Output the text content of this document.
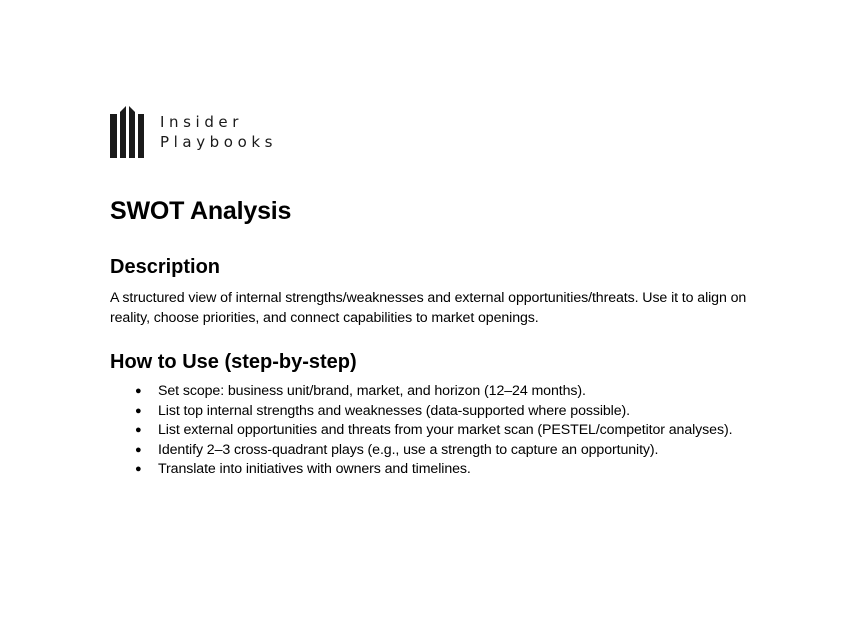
Insider
Playbooks
SWOT Analysis
Description

A structured view of internal strengths/weaknesses and external opportunities/threats. Use it to align on reality, choose priorities, and connect capabilities to market openings.

How to Use (step-by-step)
● Set scope: business unit/brand, market, and horizon (12–24 months).
● List top internal strengths and weaknesses (data-supported where possible).
● List external opportunities and threats from your market scan (PESTEL/competitor analyses).
● Identify 2–3 cross-quadrant plays (e.g., use a strength to capture an opportunity).
● Translate into initiatives with owners and timelines.
